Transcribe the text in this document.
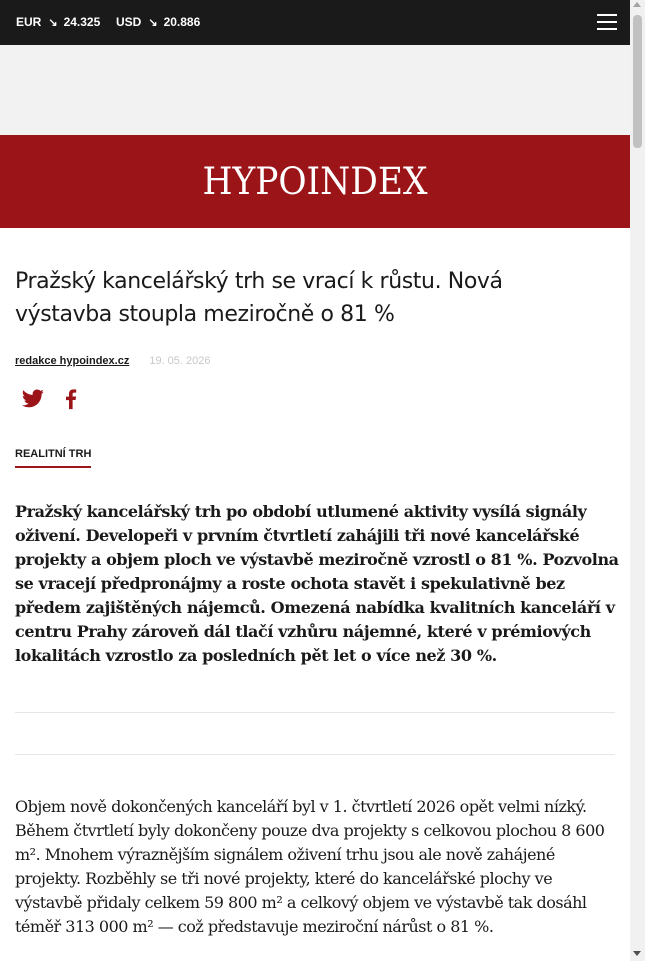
EUR ↘ 24.325 USD ↘ 20.886
HYPOINDEX
Pražský kancelářský trh se vrací k růstu. Nová výstavba stoupla meziročně o 81 %
redakce hypoindex.cz 19. 05. 2026
REALITNÍ TRH

Pražský kancelářský trh po období utlumené aktivity vysílá signály oživení. Developeři v prvním čtvrtletí zahájili tři nové kancelářské projekty a objem ploch ve výstavbě meziročně vzrostl o 81 %. Pozvolna se vracejí předpronájmy a roste ochota stavět i spekulativně bez předem zajištěných nájemců. Omezená nabídka kvalitních kanceláří v centru Prahy zároveň dál tlačí vzhůru nájemné, které v prémiových lokalitách vzrostlo za posledních pět let o více než 30 %.

Objem nově dokončených kanceláří byl v 1. čtvrtletí 2026 opět velmi nízký. Během čtvrtletí byly dokončeny pouze dva projekty s celkovou plochou 8 600 m². Mnohem výraznějším signálem oživení trhu jsou ale nově zahájené projekty. Rozběhly se tři nové projekty, které do kancelářské plochy ve výstavbě přidaly celkem 59 800 m² a celkový objem ve výstavbě tak dosáhl téměř 313 000 m² — což představuje meziroční nárůst o 81 %.
